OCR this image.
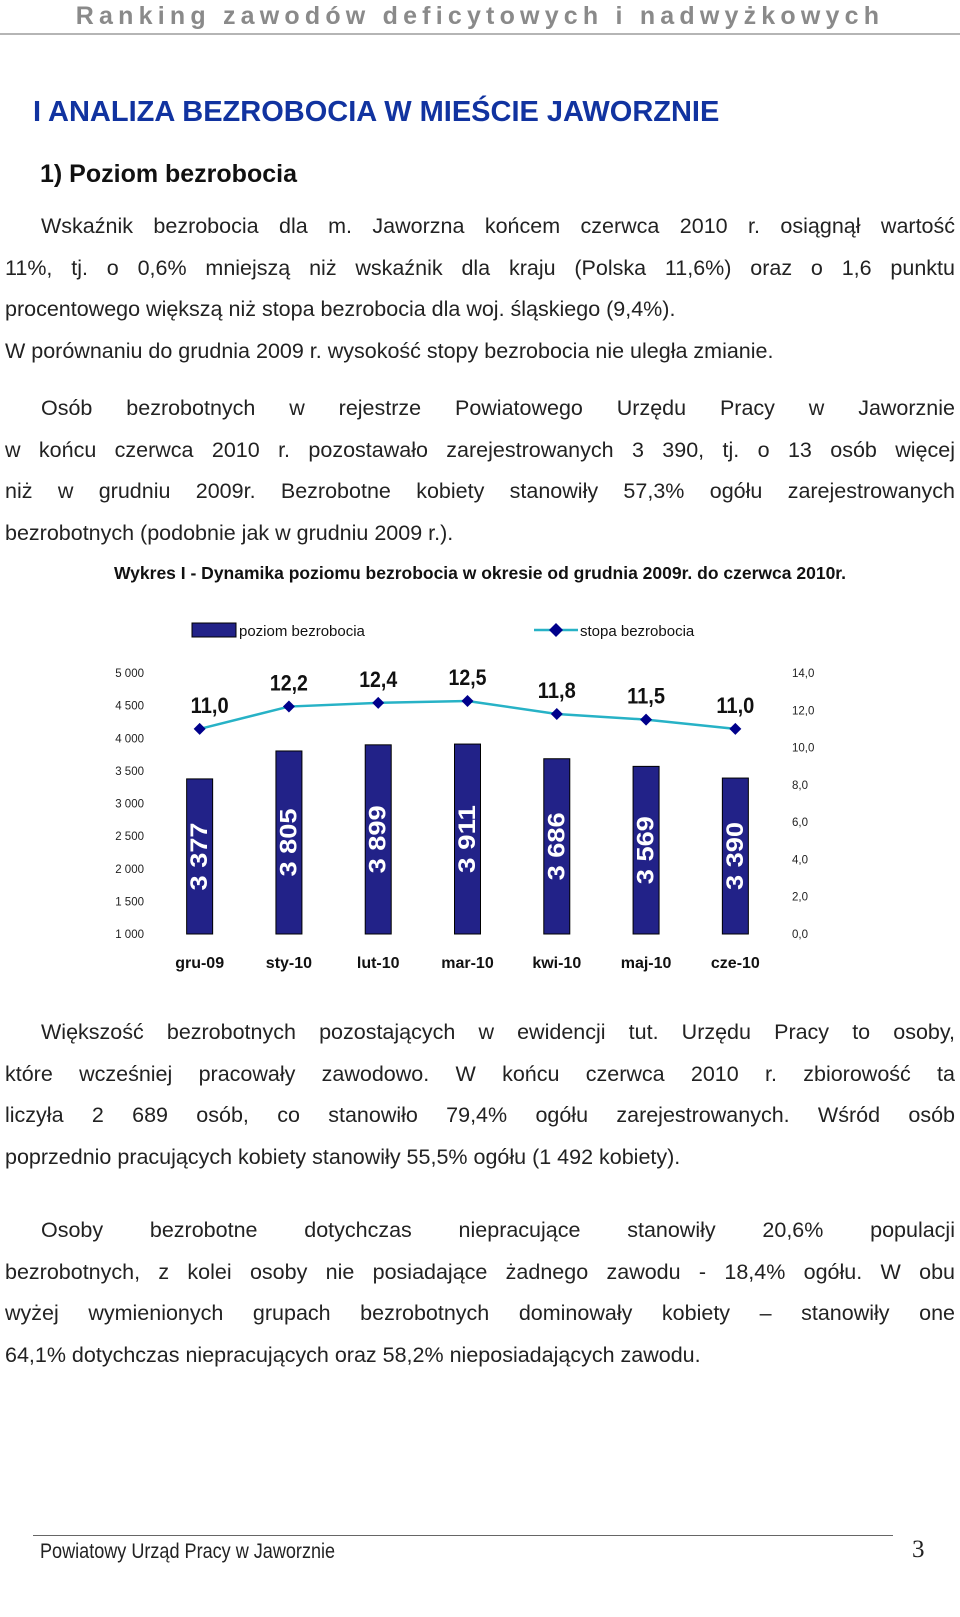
Ranking zawodów deficytowych i nadwyżkowych
I ANALIZA BEZROBOCIA W MIEŚCIE JAWORZNIE
1) Poziom bezrobocia
Wskaźnik bezrobocia dla m. Jaworzna końcem czerwca 2010 r. osiągnął wartość
11%, tj. o 0,6% mniejszą niż wskaźnik dla kraju (Polska 11,6%) oraz o 1,6 punktu
procentowego większą niż stopa bezrobocia dla woj. śląskiego (9,4%).
W porównaniu do grudnia 2009 r. wysokość stopy bezrobocia nie uległa zmianie.
Osób bezrobotnych w rejestrze Powiatowego Urzędu Pracy w Jaworznie
w końcu czerwca 2010 r. pozostawało zarejestrowanych 3 390, tj. o 13 osób więcej
niż w grudniu 2009r. Bezrobotne kobiety stanowiły 57,3% ogółu zarejestrowanych
bezrobotnych (podobnie jak w grudniu 2009 r.).
Wykres I - Dynamika poziomu bezrobocia w okresie od grudnia 2009r. do czerwca 2010r.
poziom bezrobocia	stopa bezrobocia
1 000
1 500
2 000
2 500
3 000
3 500
4 000
4 500
5 000
0,0
2,0
4,0
6,0
8,0
10,0
12,0
14,0
3 377	3 805	3 899	3 911	3 686	3 569	3 390
11,0
12,2 12,4 12,5
11,8 11,5 11,0
gru-09	sty-10	lut-10	mar-10 kwi-10 maj-10 cze-10
Większość bezrobotnych pozostających w ewidencji tut. Urzędu Pracy to osoby,
które wcześniej pracowały zawodowo. W końcu czerwca 2010 r. zbiorowość ta
liczyła 2 689 osób, co stanowiło 79,4% ogółu zarejestrowanych. Wśród osób
poprzednio pracujących kobiety stanowiły 55,5% ogółu (1 492 kobiety).
Osoby bezrobotne dotychczas niepracujące stanowiły 20,6% populacji
bezrobotnych, z kolei osoby nie posiadające żadnego zawodu - 18,4% ogółu. W obu
wyżej wymienionych grupach bezrobotnych dominowały kobiety – stanowiły one
64,1% dotychczas niepracujących oraz 58,2% nieposiadających zawodu.
Powiatowy Urząd Pracy w Jaworznie	3
